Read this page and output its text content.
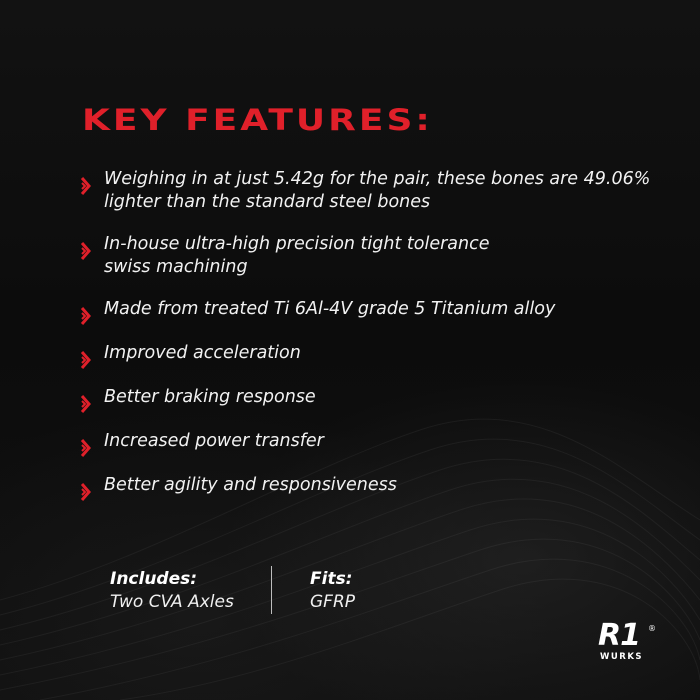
KEY FEATURES:
Weighing in at just 5.42g for the pair, these bones are 49.06% lighter than the standard steel bones
In-house ultra-high precision tight tolerance swiss machining
Made from treated Ti 6Al-4V grade 5 Titanium alloy
Improved acceleration
Better braking response
Increased power transfer
Better agility and responsiveness
Includes:
Two CVA Axles
Fits:
GFRP
R1 ®
WURKS
